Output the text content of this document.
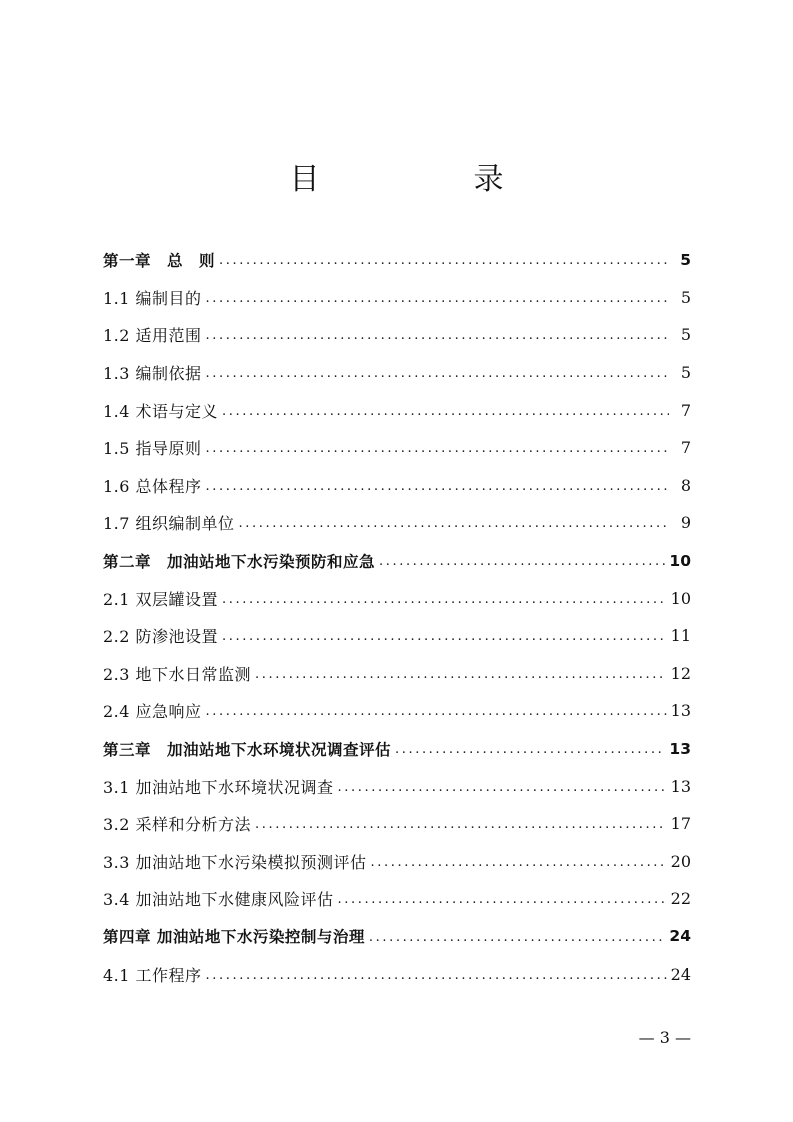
目　录
第一章　总　则 .....	5
1.1 编制目的 .....	5
1.2 适用范围 .....	5
1.3 编制依据 .....	5
1.4 术语与定义 .....	7
1.5 指导原则 .....	7
1.6 总体程序 .....	8
1.7 组织编制单位 .....	9
第二章　加油站地下水污染预防和应急 .....	10
2.1 双层罐设置 .....	10
2.2 防渗池设置 .....	11
2.3 地下水日常监测 .....	12
2.4 应急响应 .....	13
第三章　加油站地下水环境状况调查评估 .....	13
3.1 加油站地下水环境状况调查 .....	13
3.2 采样和分析方法 .....	17
3.3 加油站地下水污染模拟预测评估 .....	20
3.4 加油站地下水健康风险评估 .....	22
第四章 加油站地下水污染控制与治理 .....	24
4.1 工作程序 .....	24
— 3 —
